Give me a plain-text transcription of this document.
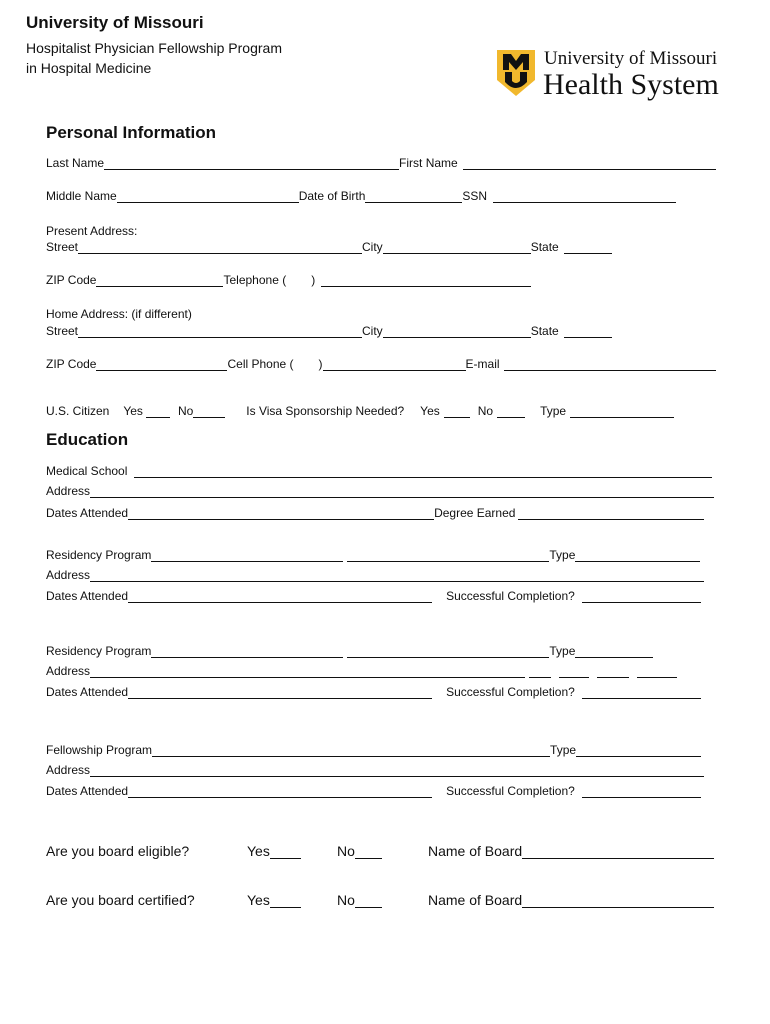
University of Missouri
Hospitalist Physician Fellowship Program
in Hospital Medicine	University of Missouri
Health System
Personal Information
Last Name	First Name
Middle Name	Date of Birth	SSN
Present Address:
Street	City	State
ZIP Code	Telephone ( )
Home Address: (if different)
Street	City	State
ZIP Code	Cell Phone ( )	E-mail
U.S. Citizen Yes	No	Is Visa Sponsorship Needed? Yes	No	Type
Education
Medical School
Address
Dates Attended	Degree Earned
Residency Program	Type
Address
Dates Attended	Successful Completion?
Residency Program	Type
Address
Dates Attended	Successful Completion?
Fellowship Program	Type
Address
Dates Attended	Successful Completion?
Are you board eligible?	Yes	No	Name of Board
Are you board certified?	Yes	No	Name of Board
